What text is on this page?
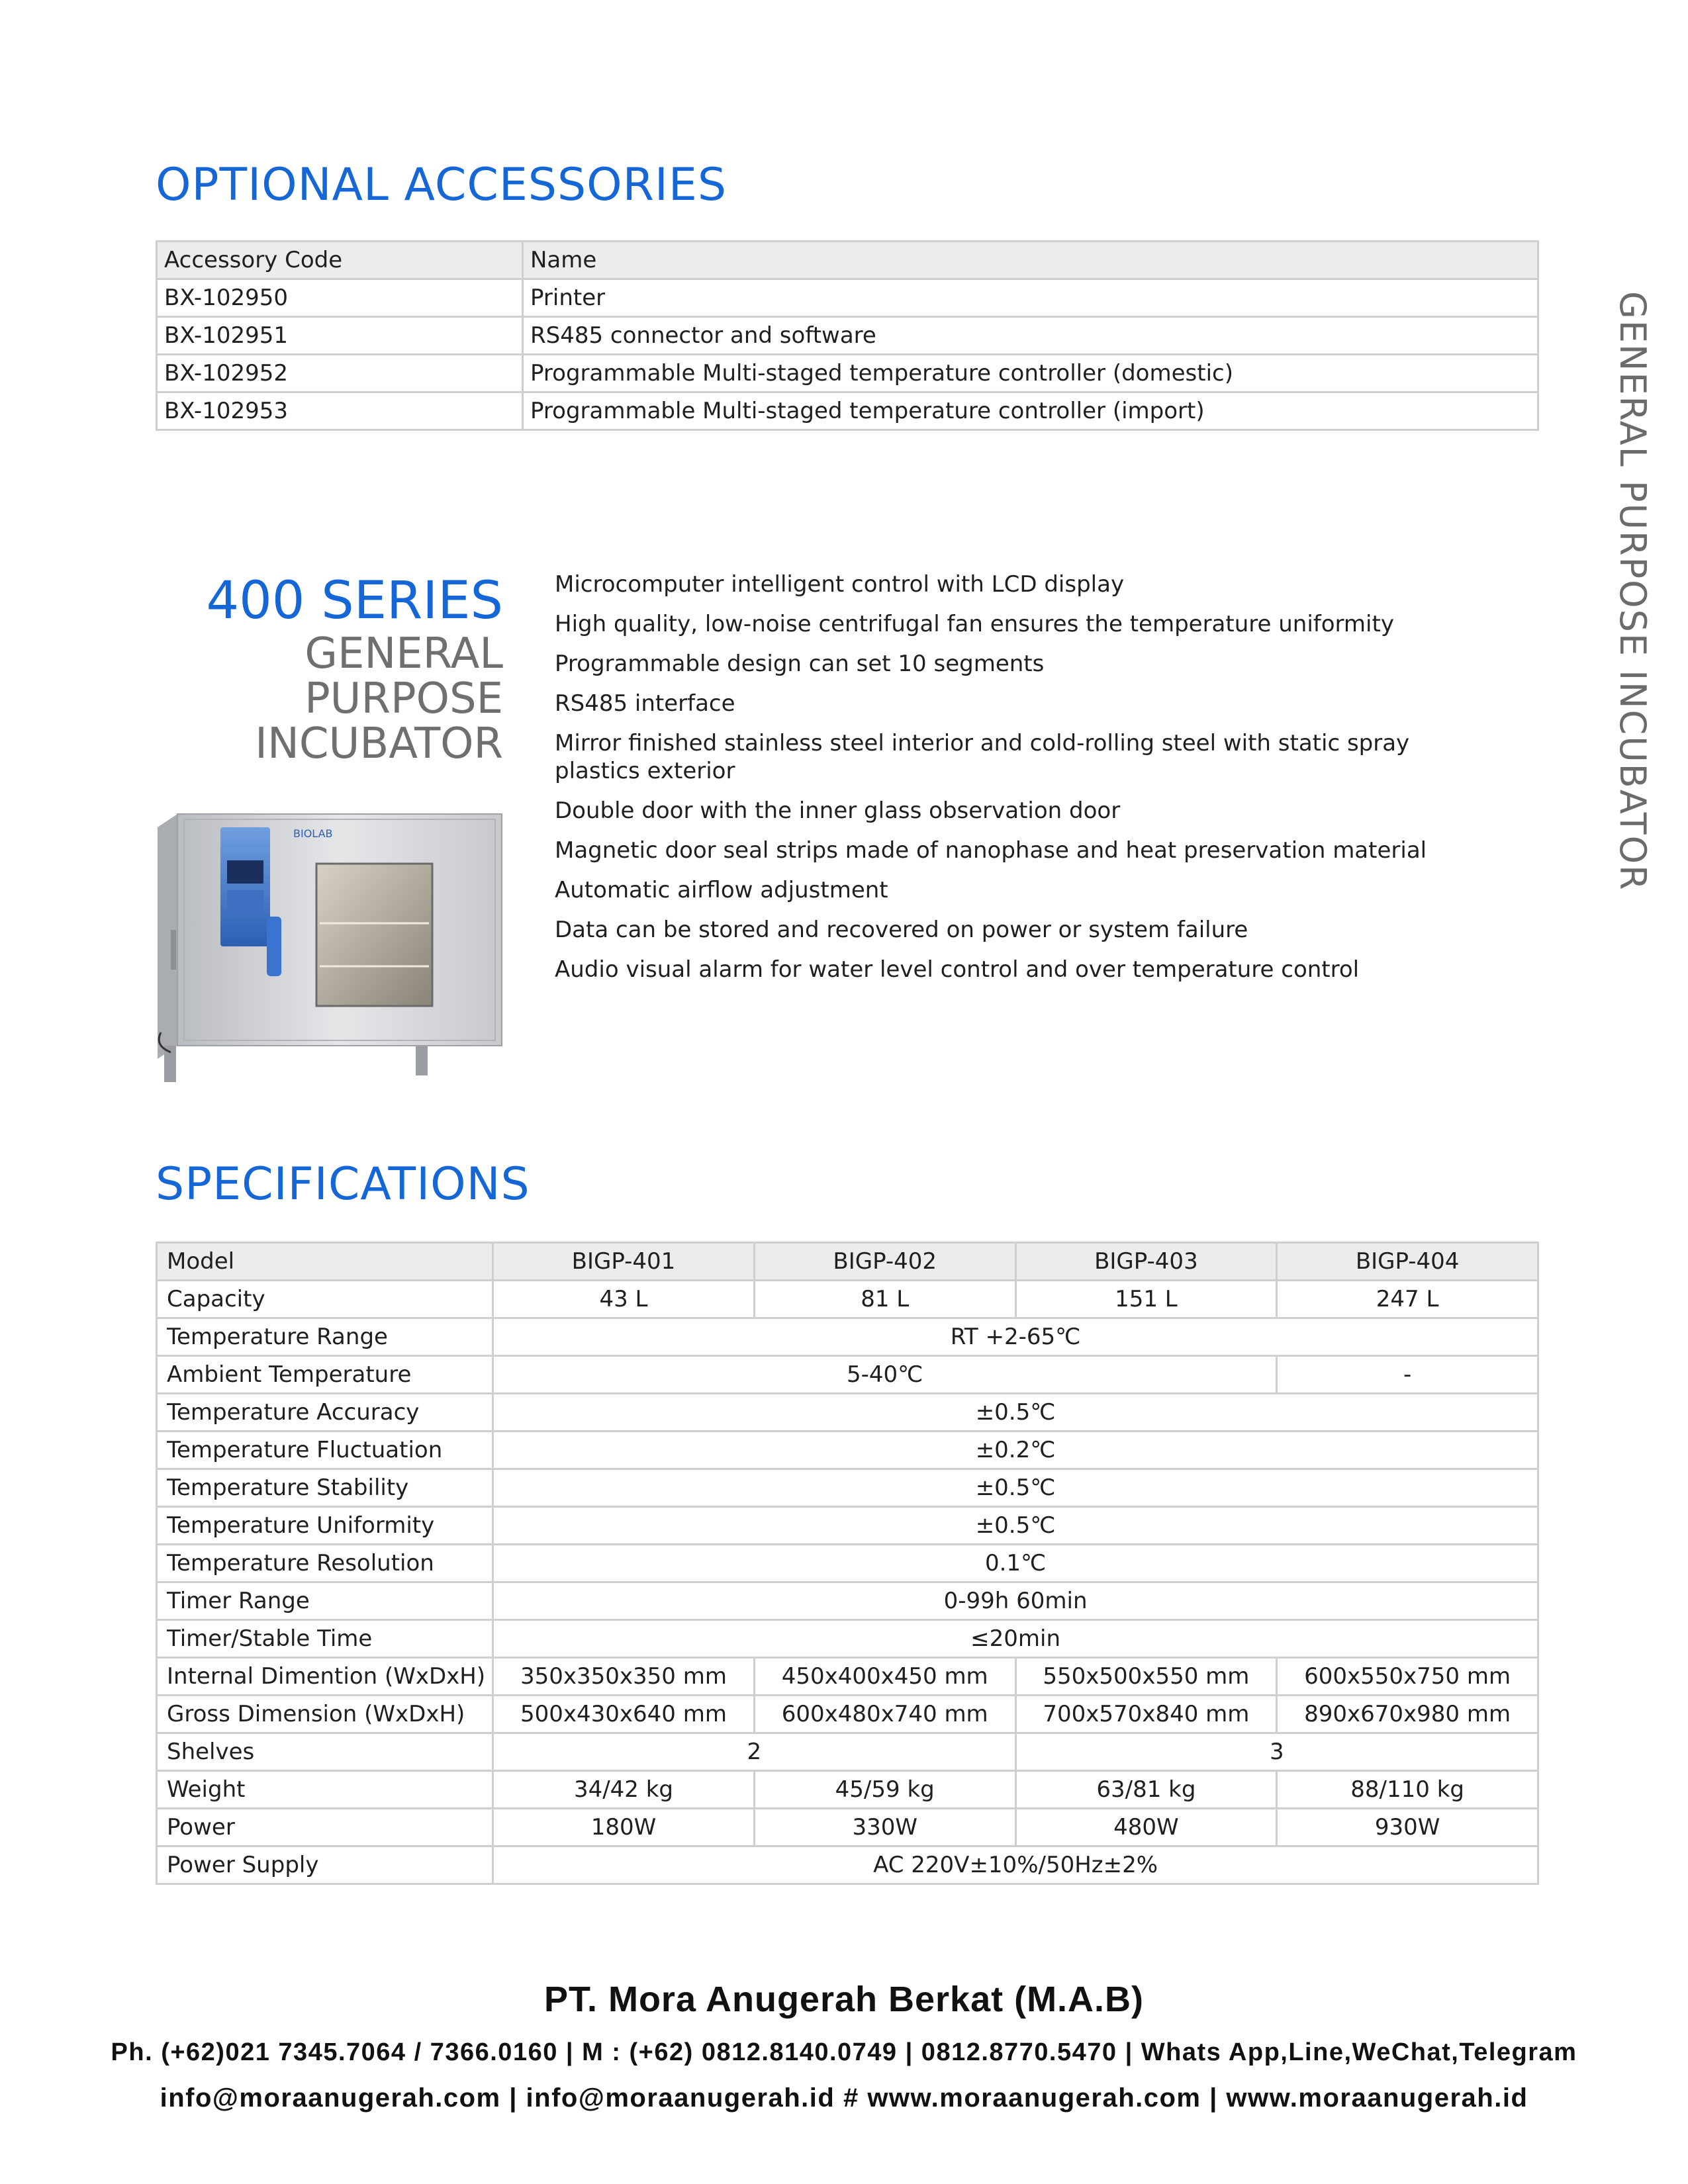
OPTIONAL ACCESSORIES
Accessory Code	Name
BX-102950	Printer
BX-102951	RS485 connector and software
BX-102952	Programmable Multi-staged temperature controller (domestic)
BX-102953	Programmable Multi-staged temperature controller (import)

400 SERIES

GENERAL

PURPOSE

INCUBATOR

BIOLAB
Microcomputer intelligent control with LCD display
High quality, low-noise centrifugal fan ensures the temperature uniformity
Programmable design can set 10 segments
RS485 interface
Mirror finished stainless steel interior and cold-rolling steel with static spray plastics exterior
Double door with the inner glass observation door
Magnetic door seal strips made of nanophase and heat preservation material
Automatic airflow adjustment
Data can be stored and recovered on power or system failure
Audio visual alarm for water level control and over temperature control
GENERAL PURPOSE INCUBATOR
SPECIFICATIONS
Model	BIGP-401	BIGP-402	BIGP-403	BIGP-404
Capacity	43 L	81 L	151 L	247 L
Temperature Range	RT +2-65℃			
Ambient Temperature	5-40℃			-
Temperature Accuracy	±0.5℃			
Temperature Fluctuation	±0.2℃			
Temperature Stability	±0.5℃			
Temperature Uniformity	±0.5℃			
Temperature Resolution	0.1℃			
Timer Range	0-99h 60min			
Timer/Stable Time	≤20min			
Internal Dimention (WxDxH)	350x350x350 mm	450x400x450 mm	550x500x550 mm	600x550x750 mm
Gross Dimension (WxDxH)	500x430x640 mm	600x480x740 mm	700x570x840 mm	890x670x980 mm
Shelves	2		3	
Weight	34/42 kg	45/59 kg	63/81 kg	88/110 kg
Power	180W	330W	480W	930W
Power Supply	AC 220V±10%/50Hz±2%			
PT. Mora Anugerah Berkat (M.A.B)
Ph. (+62)021 7345.7064 / 7366.0160 | M : (+62) 0812.8140.0749 | 0812.8770.5470 | Whats App,Line,WeChat,Telegram
info@moraanugerah.com | info@moraanugerah.id # www.moraanugerah.com | www.moraanugerah.id
